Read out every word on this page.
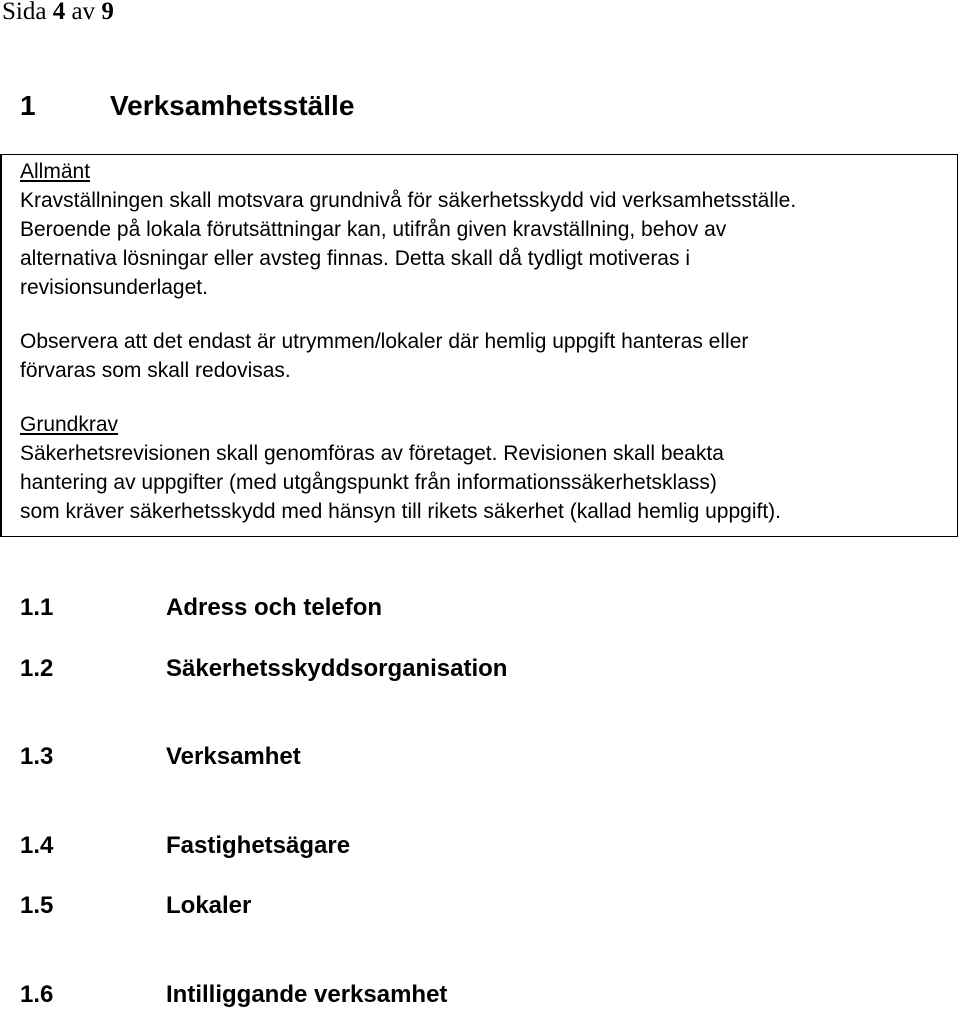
Sida 4 av 9
1	Verksamhetsställe

Allmänt

Kravställningen skall motsvara grundnivå för säkerhetsskydd vid verksamhetsställe.

Beroende på lokala förutsättningar kan, utifrån given kravställning, behov av

alternativa lösningar eller avsteg finnas. Detta skall då tydligt motiveras i

revisionsunderlaget.

Observera att det endast är utrymmen/lokaler där hemlig uppgift hanteras eller

förvaras som skall redovisas.

Grundkrav

Säkerhetsrevisionen skall genomföras av företaget. Revisionen skall beakta

hantering av uppgifter (med utgångspunkt från informationssäkerhetsklass)

som kräver säkerhetsskydd med hänsyn till rikets säkerhet (kallad hemlig uppgift).

1.1	Adress och telefon
1.2	Säkerhetsskyddsorganisation
1.3	Verksamhet
1.4	Fastighetsägare
1.5	Lokaler
1.6	Intilliggande verksamhet
